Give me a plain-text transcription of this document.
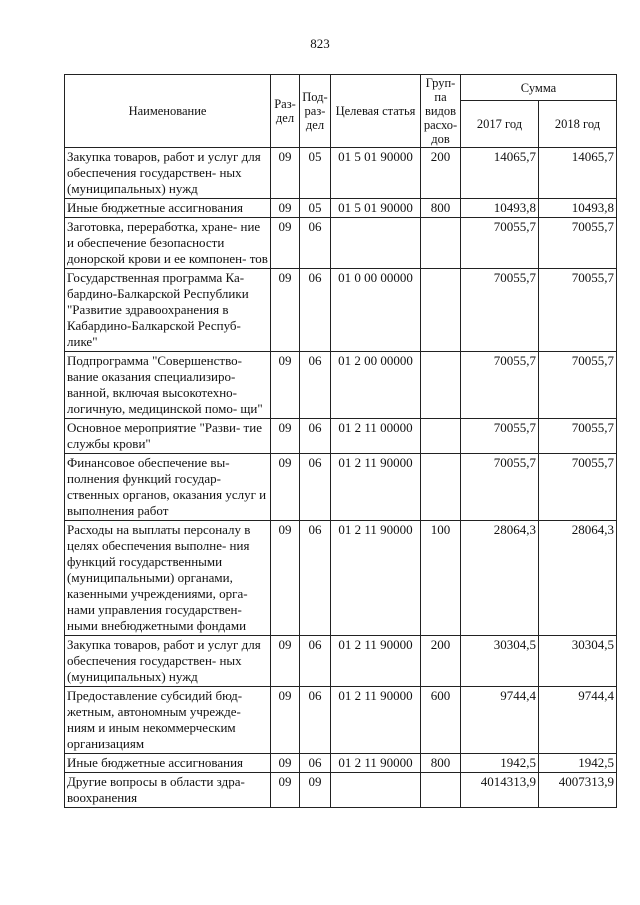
823
Наименование	Раз- дел	Под- раз- дел	Целевая статья	Груп- па видов расхо- дов	Сумма	
					2017 год	2018 год
Закупка товаров, работ и услуг для обеспечения государствен- ных (муниципальных) нужд	09	05	01 5 01 90000	200	14065,7	14065,7
Иные бюджетные ассигнования	09	05	01 5 01 90000	800	10493,8	10493,8
Заготовка, переработка, хране- ние и обеспечение безопасности донорской крови и ее компонен- тов	09	06			70055,7	70055,7
Государственная программа Ка- бардино-Балкарской Республики "Развитие здравоохранения в Кабардино-Балкарской Респуб- лике"	09	06	01 0 00 00000		70055,7	70055,7
Подпрограмма "Совершенство- вание оказания специализиро- ванной, включая высокотехно- логичную, медицинской помо- щи"	09	06	01 2 00 00000		70055,7	70055,7
Основное мероприятие "Разви- тие службы крови"	09	06	01 2 11 00000		70055,7	70055,7
Финансовое обеспечение вы- полнения функций государ- ственных органов, оказания услуг и выполнения работ	09	06	01 2 11 90000		70055,7	70055,7
Расходы на выплаты персоналу в целях обеспечения выполне- ния функций государственными (муниципальными) органами, казенными учреждениями, орга- нами управления государствен- ными внебюджетными фондами	09	06	01 2 11 90000	100	28064,3	28064,3
Закупка товаров, работ и услуг для обеспечения государствен- ных (муниципальных) нужд	09	06	01 2 11 90000	200	30304,5	30304,5
Предоставление субсидий бюд- жетным, автономным учрежде- ниям и иным некоммерческим организациям	09	06	01 2 11 90000	600	9744,4	9744,4
Иные бюджетные ассигнования	09	06	01 2 11 90000	800	1942,5	1942,5
Другие вопросы в области здра- воохранения	09	09			4014313,9	4007313,9
